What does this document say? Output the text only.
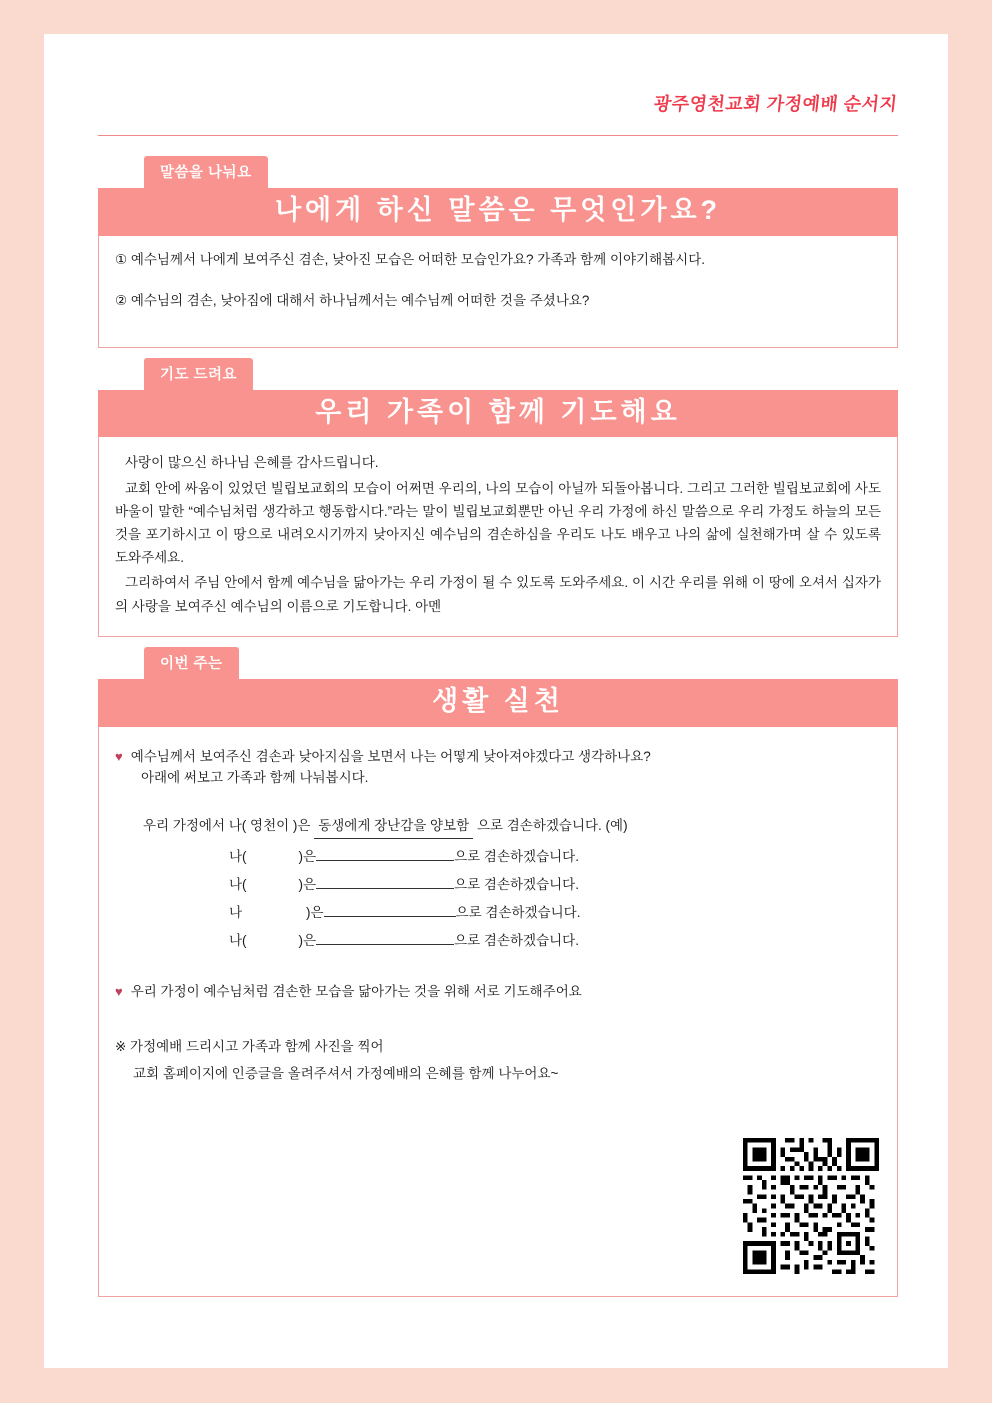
광주영천교회 가정예배 순서지
말씀을 나눠요
나에게 하신 말씀은 무엇인가요?

① 예수님께서 나에게 보여주신 겸손, 낮아진 모습은 어떠한 모습인가요? 가족과 함께 이야기해봅시다.

② 예수님의 겸손, 낮아짐에 대해서 하나님께서는 예수님께 어떠한 것을 주셨나요?

기도 드려요
우리 가족이 함께 기도해요

사랑이 많으신 하나님 은혜를 감사드립니다.

교회 안에 싸움이 있었던 빌립보교회의 모습이 어쩌면 우리의, 나의 모습이 아닐까 되돌아봅니다. 그리고 그러한 빌립보교회에 사도 바울이 말한 “예수님처럼 생각하고 행동합시다.”라는 말이 빌립보교회뿐만 아닌 우리 가정에 하신 말씀으로 우리 가정도 하늘의 모든 것을 포기하시고 이 땅으로 내려오시기까지 낮아지신 예수님의 겸손하심을 우리도 나도 배우고 나의 삶에 실천해가며 살 수 있도록 도와주세요.

그리하여서 주님 안에서 함께 예수님을 닮아가는 우리 가정이 될 수 있도록 도와주세요. 이 시간 우리를 위해 이 땅에 오셔서 십자가의 사랑을 보여주신 예수님의 이름으로 기도합니다. 아멘

이번 주는
생활 실천
♥ 예수님께서 보여주신 겸손과 낮아지심을 보면서 나는 어떻게 낮아져야겠다고 생각하나요?
아래에 써보고 가족과 함께 나눠봅시다.
우리 가정에서 나( 영천이 )은 동생에게 장난감을 양보함 으로 겸손하겠습니다. (예)
나(	)은	으로 겸손하겠습니다.
나(	)은	으로 겸손하겠습니다.
나	)은	으로 겸손하겠습니다.
나(	)은	으로 겸손하겠습니다.
♥ 우리 가정이 예수님처럼 겸손한 모습을 닮아가는 것을 위해 서로 기도해주어요

※ 가정예배 드리시고 가족과 함께 사진을 찍어

교회 홈페이지에 인증글을 올려주셔서 가정예배의 은혜를 함께 나누어요~
